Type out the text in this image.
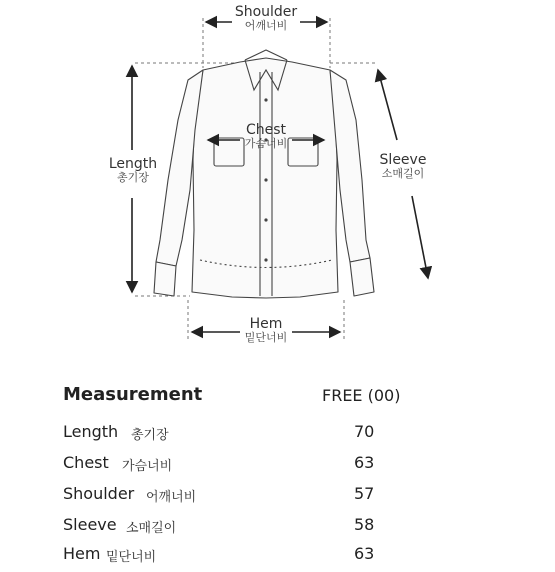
Shoulder
어깨너비
Chest
가슴너비
Length
총기장
Sleeve
소매길이
Hem
밑단너비
Measurement	FREE (00)
Length 총기장	70
Chest 가슴너비	63
Shoulder 어깨너비	57
Sleeve 소매길이	58
Hem 밑단너비	63
